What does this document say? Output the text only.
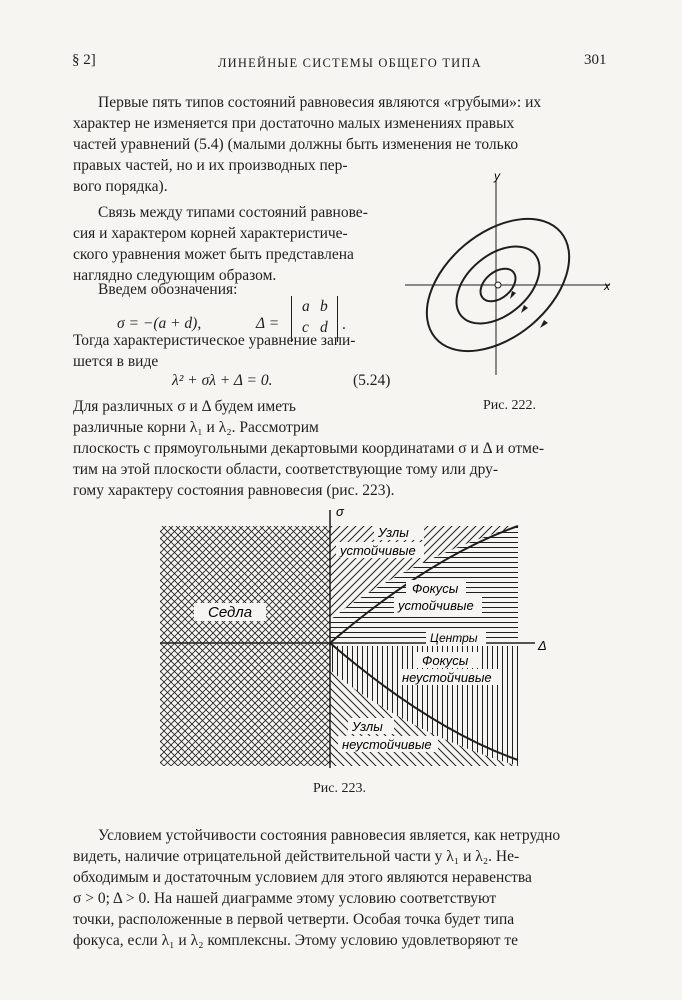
§ 2]	ЛИНЕЙНЫЕ СИСТЕМЫ ОБЩЕГО ТИПА	301
Первые пять типов состояний равновесия являются «грубыми»: их
характер не изменяется при достаточно малых изменениях правых
частей уравнений (5.4) (малыми должны быть изменения не только
правых частей, но и их производных пер-
вого порядка).
Связь между типами состояний равнове-
сия и характером корней характеристиче-
ского уравнения может быть представлена
наглядно следующим образом.
Введем обозначения:
σ = −(a + d),	Δ =
a b
c d .
Тогда характеристическое уравнение запи-
шется в виде
λ² + σλ + Δ = 0.	(5.24)
Для различных σ и Δ будем иметь
различные корни λ₁ и λ₂. Рассмотрим
плоскость с прямоугольными декартовыми координатами σ и Δ и отме-
тим на этой плоскости области, соответствующие тому или дру-
гому характеру состояния равновесия (рис. 223).
y
x
Рис. 222.
σ
Δ
Седла
Узлы
устойчивые
Фокусы
устойчивые
Центры
Фокусы
неустойчивые
Узлы
неустойчивые
Рис. 223.
Условием устойчивости состояния равновесия является, как нетрудно
видеть, наличие отрицательной действительной части у λ₁ и λ₂. Не-
обходимым и достаточным условием для этого являются неравенства
σ > 0; Δ > 0. На нашей диаграмме этому условию соответствуют
точки, расположенные в первой четверти. Особая точка будет типа
фокуса, если λ₁ и λ₂ комплексны. Этому условию удовлетворяют те
